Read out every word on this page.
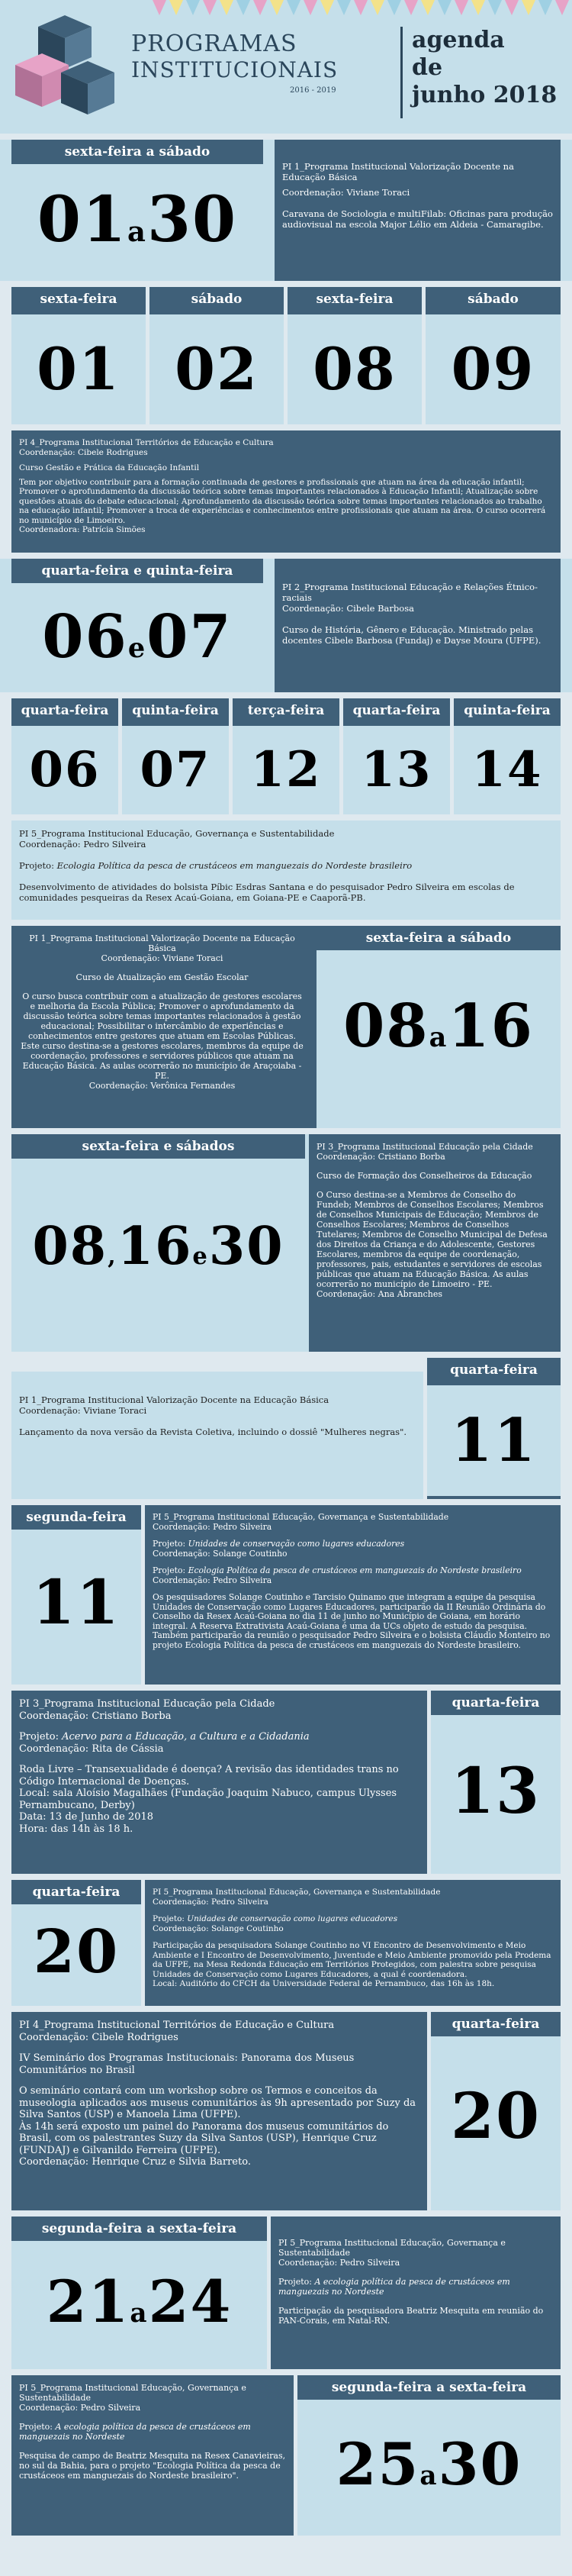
PROGRAMAS
INSTITUCIONAIS
2016 - 2019
agenda
de
junho 2018
sexta-feira a sábado
01a30

PI 1_Programa Institucional Valorização Docente na Educação Básica

Coordenação: Viviane Toraci

Caravana de Sociologia e multiFilab: Oficinas para produção audiovisual na escola Major Lélio em Aldeia - Camaragibe.

sexta-feira
01
sábado
02
sexta-feira
08
sábado
09

PI 4_Programa Institucional Territórios de Educação e Cultura

Coordenação: Cibele Rodrigues

Curso Gestão e Prática da Educação Infantil

Tem por objetivo contribuir para a formação continuada de gestores e profissionais que atuam na área da educação infantil; Promover o aprofundamento da discussão teórica sobre temas importantes relacionados à Educação Infantil; Atualização sobre questões atuais do debate educacional; Aprofundamento da discussão teórica sobre temas importantes relacionados ao trabalho na educação infantil; Promover a troca de experiências e conhecimentos entre profissionais que atuam na área. O curso ocorrerá no município de Limoeiro.

Coordenadora: Patrícia Simões

quarta-feira e quinta-feira
06e07

PI 2_Programa Institucional Educação e Relações Étnico-raciais

Coordenação: Cibele Barbosa

Curso de História, Gênero e Educação. Ministrado pelas docentes Cibele Barbosa (Fundaj) e Dayse Moura (UFPE).

quarta-feira
06
quinta-feira
07
terça-feira
12
quarta-feira
13
quinta-feira
14

PI 5_Programa Institucional Educação, Governança e Sustentabilidade

Coordenação: Pedro Silveira

Projeto: Ecologia Política da pesca de crustáceos em manguezais do Nordeste brasileiro

Desenvolvimento de atividades do bolsista Píbic Esdras Santana e do pesquisador Pedro Silveira em escolas de comunidades pesqueiras da Resex Acaú-Goiana, em Goiana-PE e Caaporã-PB.

PI 1_Programa Institucional Valorização Docente na Educação Básica

Coordenação: Viviane Toraci

Curso de Atualização em Gestão Escolar

O curso busca contribuir com a atualização de gestores escolares e melhoria da Escola Pública; Promover o aprofundamento da discussão teórica sobre temas importantes relacionados à gestão educacional; Possibilitar o intercâmbio de experiências e conhecimentos entre gestores que atuam em Escolas Públicas. Este curso destina-se a gestores escolares, membros da equipe de coordenação, professores e servidores públicos que atuam na Educação Básica. As aulas ocorrerão no município de Araçoiaba - PE.

Coordenação: Verônica Fernandes

sexta-feira a sábado
08a16
sexta-feira e sábados
08,16e30

PI 3_Programa Institucional Educação pela Cidade

Coordenação: Cristiano Borba

Curso de Formação dos Conselheiros da Educação

O Curso destina-se a Membros de Conselho do Fundeb; Membros de Conselhos Escolares; Membros de Conselhos Municipais de Educação; Membros de Conselhos Escolares; Membros de Conselhos Tutelares; Membros de Conselho Municipal de Defesa dos Direitos da Criança e do Adolescente, Gestores Escolares, membros da equipe de coordenação, professores, pais, estudantes e servidores de escolas públicas que atuam na Educação Básica. As aulas ocorrerão no município de Limoeiro - PE.

Coordenação: Ana Abranches

PI 1_Programa Institucional Valorização Docente na Educação Básica

Coordenação: Viviane Toraci

Lançamento da nova versão da Revista Coletiva, incluindo o dossiê "Mulheres negras".

quarta-feira
11
segunda-feira
11

PI 5_Programa Institucional Educação, Governança e Sustentabilidade

Coordenação: Pedro Silveira

Projeto: Unidades de conservação como lugares educadores

Coordenação: Solange Coutinho

Projeto: Ecologia Política da pesca de crustáceos em manguezais do Nordeste brasileiro

Coordenação: Pedro Silveira

Os pesquisadores Solange Coutinho e Tarcisio Quinamo que integram a equipe da pesquisa Unidades de Conservação como Lugares Educadores, participarão da II Reunião Ordinária do Conselho da Resex Acaú-Goiana no dia 11 de junho no Município de Goiana, em horário integral. A Reserva Extrativista Acaú-Goiana é uma da UCs objeto de estudo da pesquisa. Também participarão da reunião o pesquisador Pedro Silveira e o bolsista Cláudio Monteiro no projeto Ecologia Política da pesca de crustáceos em manguezais do Nordeste brasileiro.

PI 3_Programa Institucional Educação pela Cidade

Coordenação: Cristiano Borba

Projeto: Acervo para a Educação, a Cultura e a Cidadania

Coordenação: Rita de Cássia

Roda Livre – Transexualidade é doença? A revisão das identidades trans no Código Internacional de Doenças.

Local: sala Aloísio Magalhães (Fundação Joaquim Nabuco, campus Ulysses Pernambucano, Derby)

Data: 13 de Junho de 2018

Hora: das 14h às 18 h.

quarta-feira
13
quarta-feira
20

PI 5_Programa Institucional Educação, Governança e Sustentabilidade

Coordenação: Pedro Silveira

Projeto: Unidades de conservação como lugares educadores

Coordenação: Solange Coutinho

Participação da pesquisadora Solange Coutinho no VI Encontro de Desenvolvimento e Meio Ambiente e I Encontro de Desenvolvimento, Juventude e Meio Ambiente promovido pela Prodema da UFPE, na Mesa Redonda Educação em Territórios Protegidos, com palestra sobre pesquisa Unidades de Conservação como Lugares Educadores, a qual é coordenadora.

Local: Auditório do CFCH da Universidade Federal de Pernambuco, das 16h às 18h.

PI 4_Programa Institucional Territórios de Educação e Cultura

Coordenação: Cibele Rodrigues

IV Seminário dos Programas Institucionais: Panorama dos Museus Comunitários no Brasil

O seminário contará com um workshop sobre os Termos e conceitos da museologia aplicados aos museus comunitários às 9h apresentado por Suzy da Silva Santos (USP) e Manoela Lima (UFPE).

Às 14h será exposto um painel do Panorama dos museus comunitários do Brasil, com os palestrantes Suzy da Silva Santos (USP), Henrique Cruz (FUNDAJ) e Gilvanildo Ferreira (UFPE).

Coordenação: Henrique Cruz e Silvia Barreto.

quarta-feira
20
segunda-feira a sexta-feira
21a24

PI 5_Programa Institucional Educação, Governança e Sustentabilidade

Coordenação: Pedro Silveira

Projeto: A ecologia política da pesca de crustáceos em manguezais no Nordeste

Participação da pesquisadora Beatriz Mesquita em reunião do PAN-Corais, em Natal-RN.

PI 5_Programa Institucional Educação, Governança e Sustentabilidade

Coordenação: Pedro Silveira

Projeto: A ecologia política da pesca de crustáceos em manguezais no Nordeste

Pesquisa de campo de Beatriz Mesquita na Resex Canavieiras, no sul da Bahia, para o projeto "Ecologia Política da pesca de crustáceos em manguezais do Nordeste brasileiro".

segunda-feira a sexta-feira
25a30
